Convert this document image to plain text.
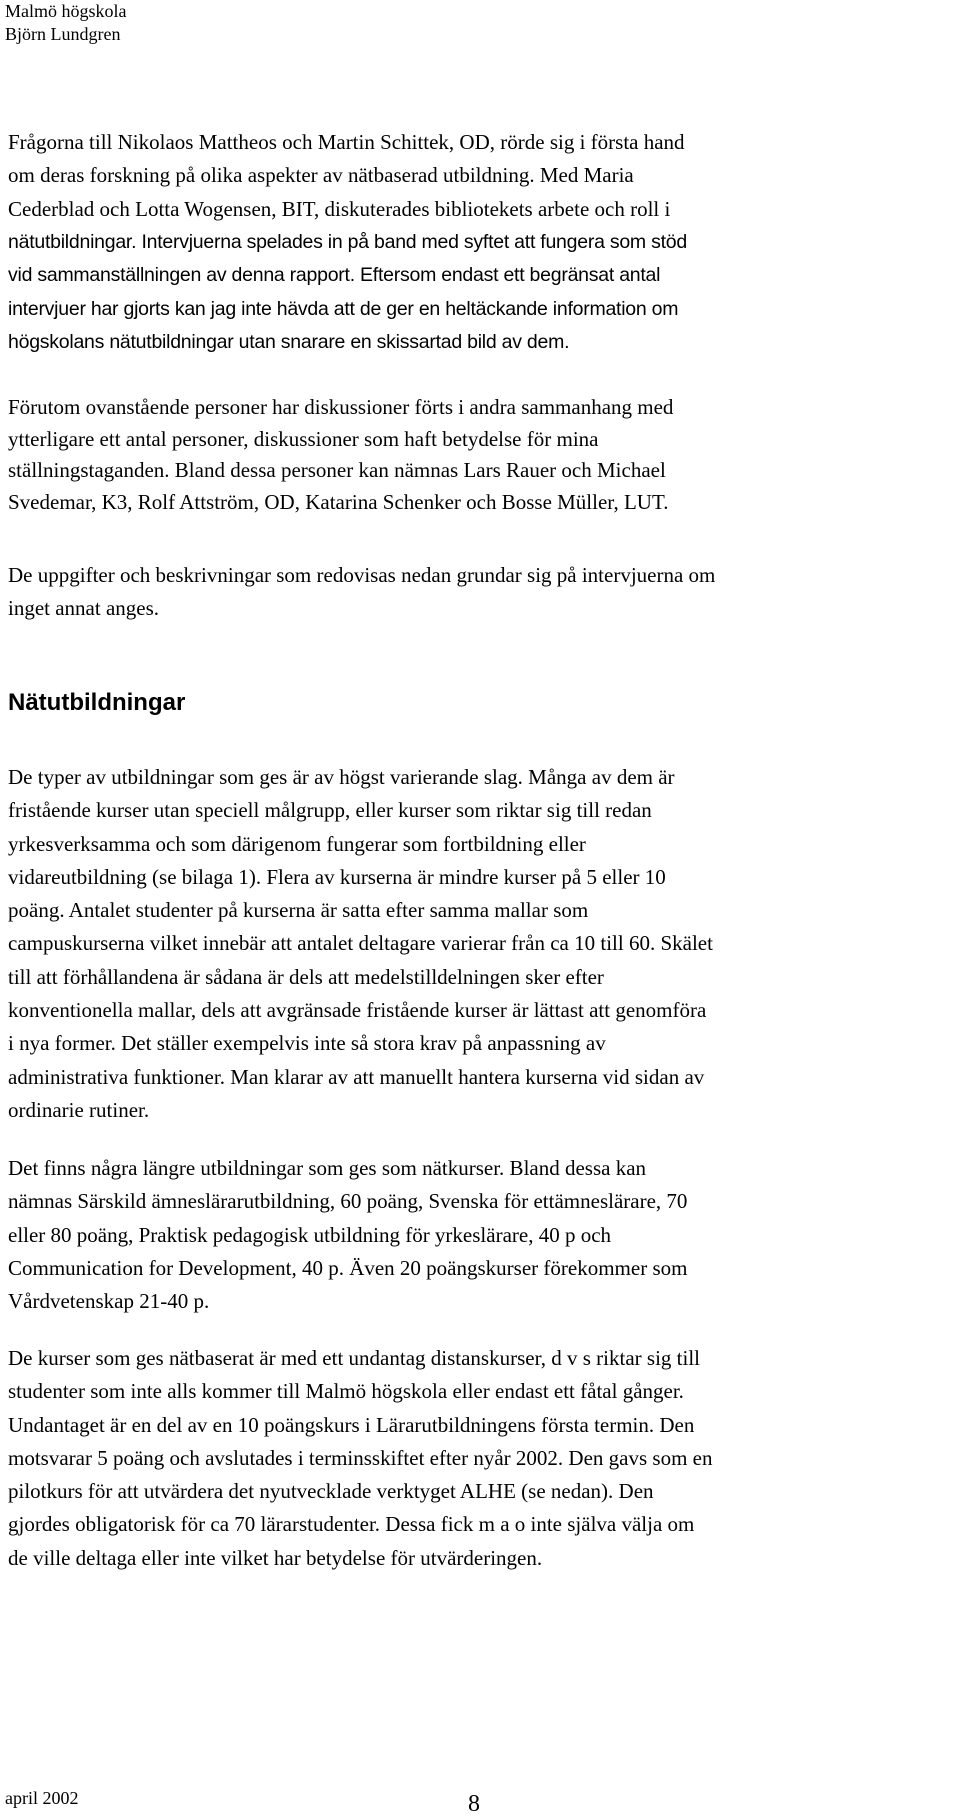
Malmö högskola
Björn Lundgren

Frågorna till Nikolaos Mattheos och Martin Schittek, OD, rörde sig i första hand
om deras forskning på olika aspekter av nätbaserad utbildning. Med Maria
Cederblad och Lotta Wogensen, BIT, diskuterades bibliotekets arbete och roll i

nätutbildningar. Intervjuerna spelades in på band med syftet att fungera som stöd
vid sammanställningen av denna rapport. Eftersom endast ett begränsat antal
intervjuer har gjorts kan jag inte hävda att de ger en heltäckande information om
högskolans nätutbildningar utan snarare en skissartad bild av dem.

Förutom ovanstående personer har diskussioner förts i andra sammanhang med
ytterligare ett antal personer, diskussioner som haft betydelse för mina
ställningstaganden. Bland dessa personer kan nämnas Lars Rauer och Michael
Svedemar, K3, Rolf Attström, OD, Katarina Schenker och Bosse Müller, LUT.

De uppgifter och beskrivningar som redovisas nedan grundar sig på intervjuerna om
inget annat anges.

Nätutbildningar

De typer av utbildningar som ges är av högst varierande slag. Många av dem är
fristående kurser utan speciell målgrupp, eller kurser som riktar sig till redan
yrkesverksamma och som därigenom fungerar som fortbildning eller
vidareutbildning (se bilaga 1). Flera av kurserna är mindre kurser på 5 eller 10
poäng. Antalet studenter på kurserna är satta efter samma mallar som
campuskurserna vilket innebär att antalet deltagare varierar från ca 10 till 60. Skälet
till att förhållandena är sådana är dels att medelstilldelningen sker efter
konventionella mallar, dels att avgränsade fristående kurser är lättast att genomföra
i nya former. Det ställer exempelvis inte så stora krav på anpassning av
administrativa funktioner. Man klarar av att manuellt hantera kurserna vid sidan av
ordinarie rutiner.

Det finns några längre utbildningar som ges som nätkurser. Bland dessa kan
nämnas Särskild ämneslärarutbildning, 60 poäng, Svenska för ettämneslärare, 70
eller 80 poäng, Praktisk pedagogisk utbildning för yrkeslärare, 40 p och
Communication for Development, 40 p. Även 20 poängskurser förekommer som
Vårdvetenskap 21-40 p.

De kurser som ges nätbaserat är med ett undantag distanskurser, d v s riktar sig till
studenter som inte alls kommer till Malmö högskola eller endast ett fåtal gånger.
Undantaget är en del av en 10 poängskurs i Lärarutbildningens första termin. Den
motsvarar 5 poäng och avslutades i terminsskiftet efter nyår 2002. Den gavs som en
pilotkurs för att utvärdera det nyutvecklade verktyget ALHE (se nedan). Den
gjordes obligatorisk för ca 70 lärarstudenter. Dessa fick m a o inte själva välja om
de ville deltaga eller inte vilket har betydelse för utvärderingen.

april 2002	8
